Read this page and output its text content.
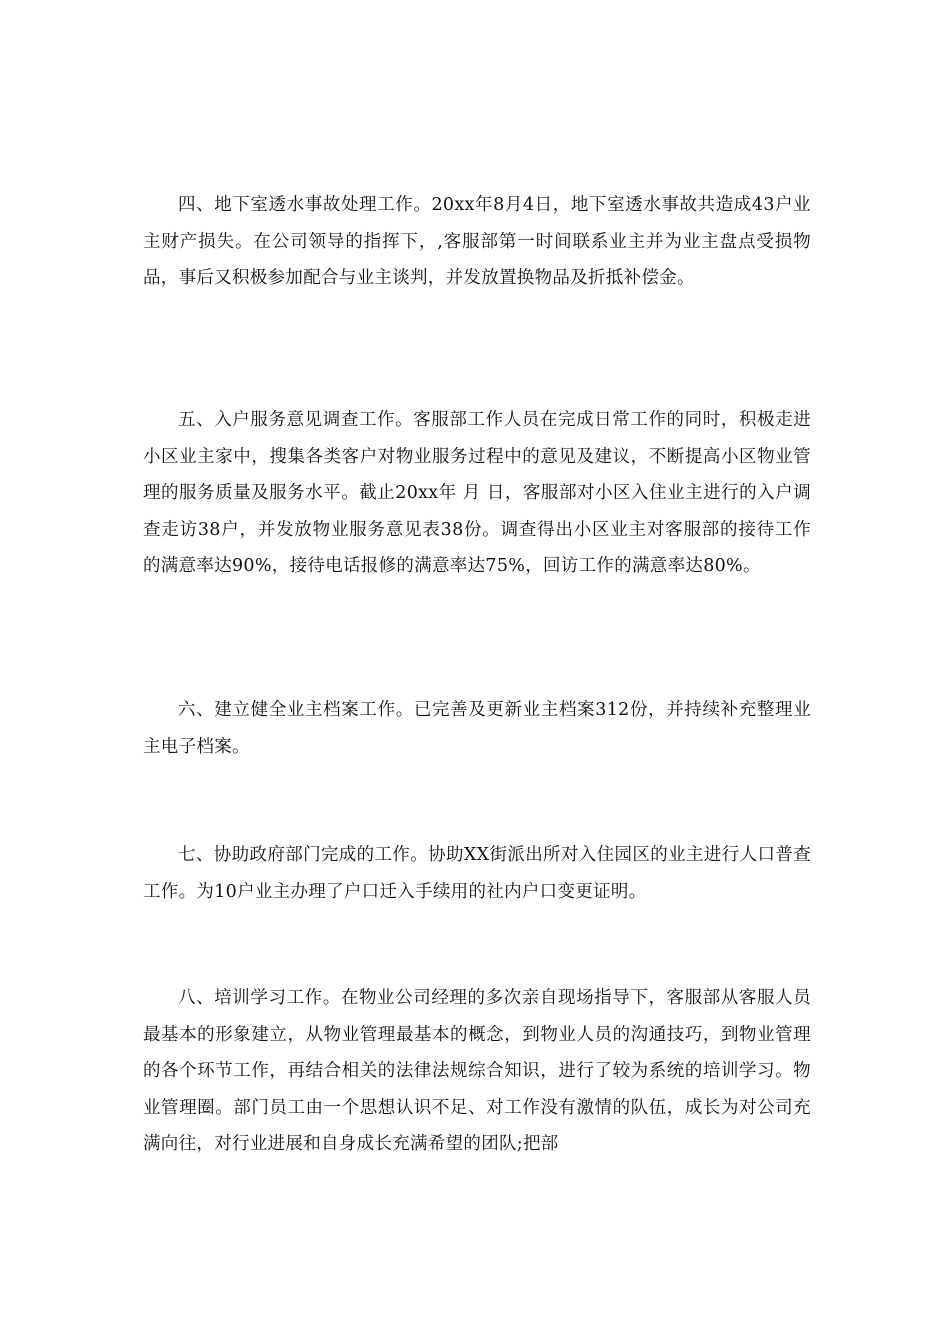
四、地下室透水事故处理工作。20xx年8月4日，地下室透水事故共造成43户业主财产损失。在公司领导的指挥下，,客服部第一时间联系业主并为业主盘点受损物品，事后又积极参加配合与业主谈判，并发放置换物品及折抵补偿金。

五、入户服务意见调查工作。客服部工作人员在完成日常工作的同时，积极走进小区业主家中，搜集各类客户对物业服务过程中的意见及建议，不断提高小区物业管理的服务质量及服务水平。截止20xx年 月 日，客服部对小区入住业主进行的入户调查走访38户，并发放物业服务意见表38份。调查得出小区业主对客服部的接待工作的满意率达90%，接待电话报修的满意率达75%，回访工作的满意率达80%。

六、建立健全业主档案工作。已完善及更新业主档案312份，并持续补充整理业主电子档案。

七、协助政府部门完成的工作。协助XX街派出所对入住园区的业主进行人口普查工作。为10户业主办理了户口迁入手续用的社内户口变更证明。

八、培训学习工作。在物业公司经理的多次亲自现场指导下，客服部从客服人员最基本的形象建立，从物业管理最基本的概念，到物业人员的沟通技巧，到物业管理的各个环节工作，再结合相关的法律法规综合知识，进行了较为系统的培训学习。物业管理圈。部门员工由一个思想认识不足、对工作没有激情的队伍，成长为对公司充满向往，对行业进展和自身成长充满希望的团队;把部
